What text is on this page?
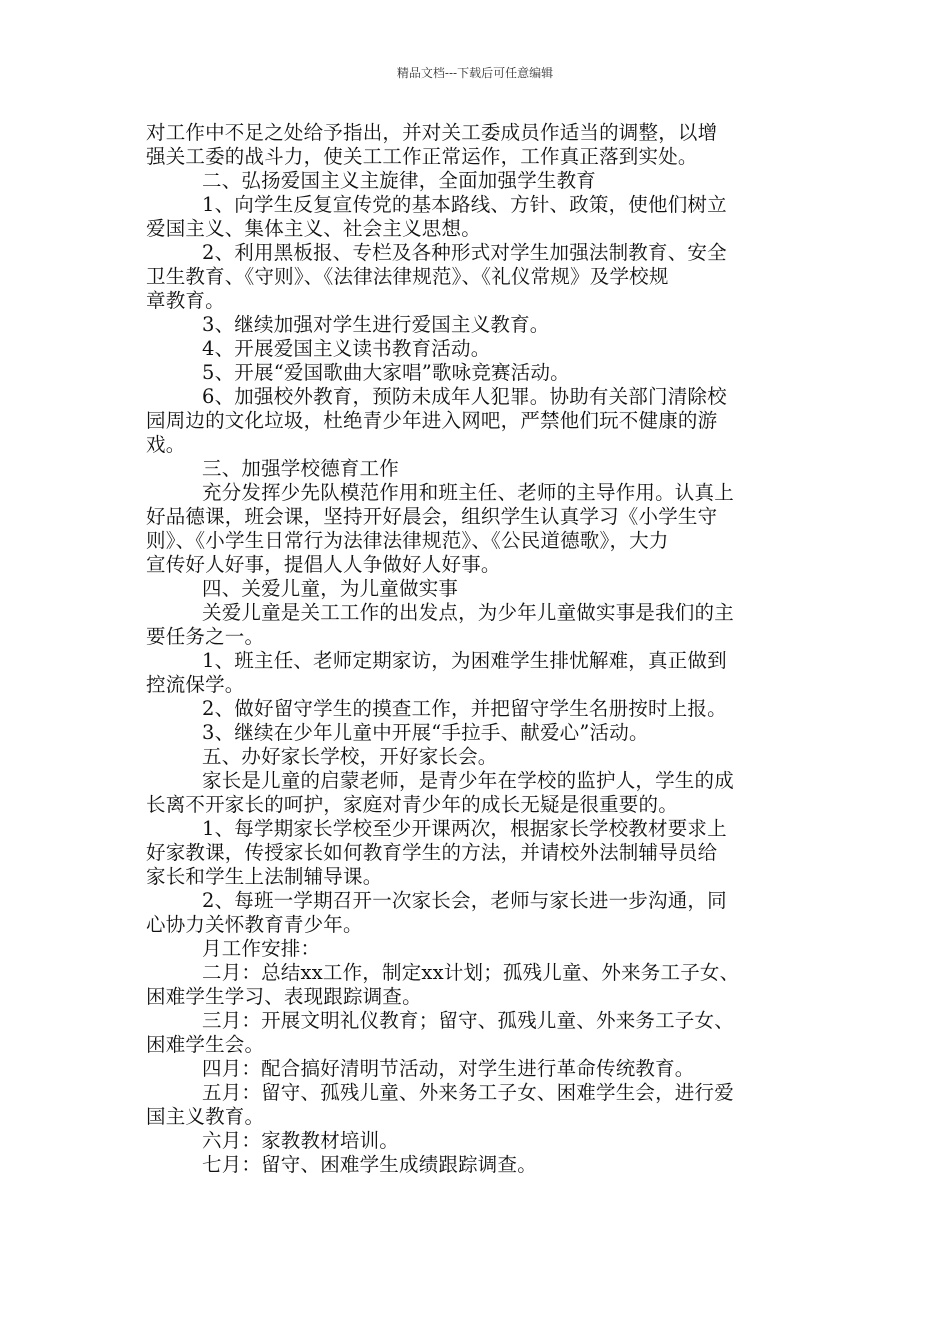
精品文档---下载后可任意编辑
对工作中不足之处给予指出，并对关工委成员作适当的调整，以增
强关工委的战斗力，使关工工作正常运作，工作真正落到实处。
二、弘扬爱国主义主旋律，全面加强学生教育
1、向学生反复宣传党的基本路线、方针、政策，使他们树立
爱国主义、集体主义、社会主义思想。
2、利用黑板报、专栏及各种形式对学生加强法制教育、安全
卫生教育、《守则》、《法律法律规范》、《礼仪常规》及学校规
章教育。
3、继续加强对学生进行爱国主义教育。
4、开展爱国主义读书教育活动。
5、开展“爱国歌曲大家唱”歌咏竞赛活动。
6、加强校外教育，预防未成年人犯罪。协助有关部门清除校
园周边的文化垃圾，杜绝青少年进入网吧，严禁他们玩不健康的游
戏。
三、加强学校德育工作
充分发挥少先队模范作用和班主任、老师的主导作用。认真上
好品德课，班会课，坚持开好晨会，组织学生认真学习《小学生守
则》、《小学生日常行为法律法律规范》、《公民道德歌》，大力
宣传好人好事，提倡人人争做好人好事。
四、关爱儿童，为儿童做实事
关爱儿童是关工工作的出发点，为少年儿童做实事是我们的主
要任务之一。
1、班主任、老师定期家访，为困难学生排忧解难，真正做到
控流保学。
2、做好留守学生的摸查工作，并把留守学生名册按时上报。
3、继续在少年儿童中开展“手拉手、献爱心”活动。
五、办好家长学校，开好家长会。
家长是儿童的启蒙老师，是青少年在学校的监护人，学生的成
长离不开家长的呵护，家庭对青少年的成长无疑是很重要的。
1、每学期家长学校至少开课两次，根据家长学校教材要求上
好家教课，传授家长如何教育学生的方法，并请校外法制辅导员给
家长和学生上法制辅导课。
2、每班一学期召开一次家长会，老师与家长进一步沟通，同
心协力关怀教育青少年。
月工作安排：
二月：总结xx工作，制定xx计划；孤残儿童、外来务工子女、
困难学生学习、表现跟踪调查。
三月：开展文明礼仪教育；留守、孤残儿童、外来务工子女、
困难学生会。
四月：配合搞好清明节活动，对学生进行革命传统教育。
五月：留守、孤残儿童、外来务工子女、困难学生会，进行爱
国主义教育。
六月：家教教材培训。
七月：留守、困难学生成绩跟踪调查。
